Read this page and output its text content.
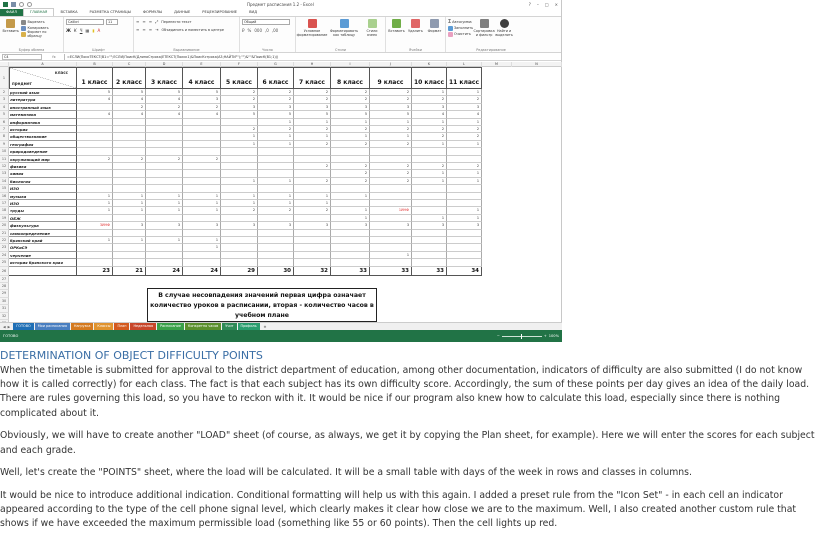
Предмет расписания 1.2 - Excel	? – □ ×
ФАЙЛ	ГЛАВНАЯ	ВСТАВКА	РАЗМЕТКА СТРАНИЦЫ	ФОРМУЛЫ	ДАННЫЕ	РЕЦЕНЗИРОВАНИЕ	ВИД
Вставить
Вырезать
Копировать
Формат по образцу
Буфер обмена
Calibri	11
Ж К Ч ▦ ▮ A
Шрифт
≡ ≡ ≡ ⤢ Перенести текст
≡ ≡ ≡ ⇥ Объединить и поместить в центре
Выравнивание
Общий
₽ % 000 ,0 ,00
Число
Условное форматирование
Форматировать как таблицу
Стили ячеек
Стили
Вставить Удалить Формат
Ячейки
Σ Автосумма
Заполнить
Очистить
Сортировка и фильтр
Найти и выделить
Редактирование
C4	fx	=ЕСЛИ(ПоисТЕКСТ(В1="";ЕСЛИ(ПоисК(ДлинаСтрока(ЕТЕКСТ(Поиск1)&ПоисКстрока(А3;НАЙТИ"");"")&""&ПоисК(В1;1)))
A	B	C	D	E	F	G	H	I	J	K	L	M	N
1
класс
предмет	1 класс	2 класс	3 класс	4 класс	5 класс	6 класс	7 класс	8 класс	9 класс	10 класс 11 класс
2	русский язык	5	5	5	5	2	2	2	2	2	1	1
3	литература	4	4	4	3	2	2	2	2	2	2	2
4	иностранный язык	2	2	2	3	3	3	3	3	3	3
5	математика	4	4	4	4	5	5	5	5	5	4	4
6	информатика	1	1	1	1	1	1
7	история	2	2	2	2	2	2	2
8	обществознание	1	1	1	1	1	2	2
9	география	1	1	2	2	2	1	1
10	природоведение
11	окружающий мир	2	2	2	2
12	физика	2	2	2	2	2
13	химия	2	2	1	1
14	биология	1	1	2	2	2	1	1
15	ИЗО
16	музыка	1	1	1	1	1	1	1	1
17	ИЗО	1	1	1	1	1	1	1
18	труды	1	1	1	1	2	2	2	1	1ИНФ	1
19	ОБЖ	1	1	1
20	физкультура	3ИНФ	3	3	3	3	3	3	3	3	3	3
21	самоопределение
22	брянский край	1	1	1	1
23	ОРКиСЭ	1
24	черчение	1
25	история брянского края
26	23	21	24	24	29	30	32	33	33	33	34
27
28
29
30
31
32
В случае несовпадения значений первая цифра означает количество уроков в расписании, вторая - количество часов в учебном плане
◀ ▶	ГОТОВО	Мои расписания	Нагрузка	Классы	План	Недельная	Расписание	Конкретно часов	Учит	Профиль	⊕
ГОТОВО	−	+ 100%
DETERMINATION OF OBJECT DIFFICULTY POINTS

When the timetable is submitted for approval to the district department of education, among other documentation, indicators of difficulty are also submitted (I do not know how it is called correctly) for each class. The fact is that each subject has its own difficulty score. Accordingly, the sum of these points per day gives an idea of the daily load. There are rules governing this load, so you have to reckon with it. It would be nice if our program also knew how to calculate this load, especially since there is nothing complicated about it.

Obviously, we will have to create another "LOAD" sheet (of course, as always, we get it by copying the Plan sheet, for example). Here we will enter the scores for each subject and each grade.

Well, let's create the "POINTS" sheet, where the load will be calculated. It will be a small table with days of the week in rows and classes in columns.

It would be nice to introduce additional indication. Conditional formatting will help us with this again. I added a preset rule from the "Icon Set" - in each cell an indicator appeared according to the type of the cell phone signal level, which clearly makes it clear how close we are to the maximum. Well, I also created another custom rule that shows if we have exceeded the maximum permissible load (something like 55 or 60 points). Then the cell lights up red.
